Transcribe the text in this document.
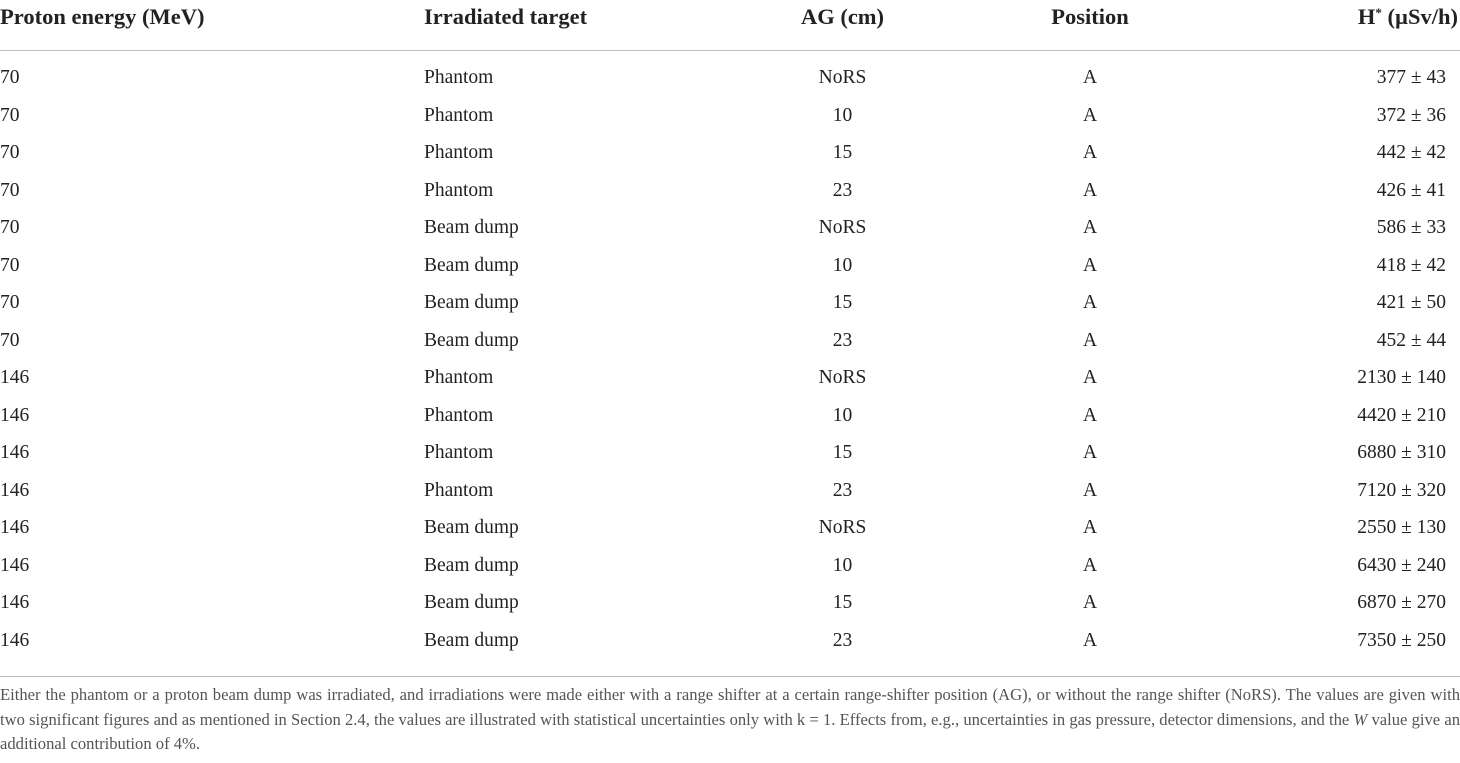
Proton energy (MeV)	Irradiated target	AG (cm)	Position	H* (µSv/h)
70	Phantom	NoRS	A	377 ± 43
70	Phantom	10	A	372 ± 36
70	Phantom	15	A	442 ± 42
70	Phantom	23	A	426 ± 41
70	Beam dump	NoRS	A	586 ± 33
70	Beam dump	10	A	418 ± 42
70	Beam dump	15	A	421 ± 50
70	Beam dump	23	A	452 ± 44
146	Phantom	NoRS	A	2130 ± 140
146	Phantom	10	A	4420 ± 210
146	Phantom	15	A	6880 ± 310
146	Phantom	23	A	7120 ± 320
146	Beam dump	NoRS	A	2550 ± 130
146	Beam dump	10	A	6430 ± 240
146	Beam dump	15	A	6870 ± 270
146	Beam dump	23	A	7350 ± 250

Either the phantom or a proton beam dump was irradiated, and irradiations were made either with a range shifter at a certain range-shifter position (AG), or without the range shifter (NoRS). The values are given with two significant figures and as mentioned in Section 2.4, the values are illustrated with statistical uncertainties only with k = 1. Effects from, e.g., uncertainties in gas pressure, detector dimensions, and the W value give an additional contribution of 4%.
